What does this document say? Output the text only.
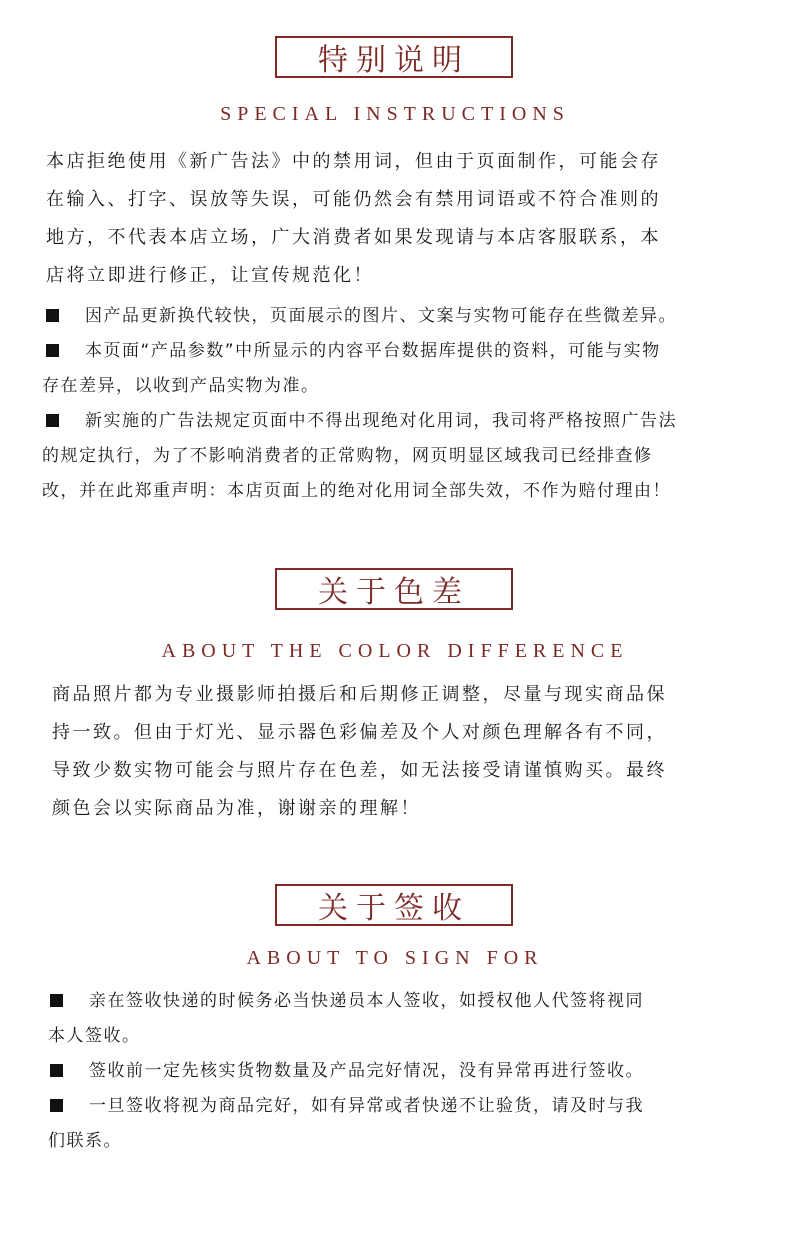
特别说明
SPECIAL INSTRUCTIONS
本店拒绝使用《新广告法》中的禁用词，但由于页面制作，可能会存
在输入、打字、误放等失误，可能仍然会有禁用词语或不符合准则的
地方，不代表本店立场，广大消费者如果发现请与本店客服联系，本
店将立即进行修正，让宣传规范化！
因产品更新换代较快，页面展示的图片、文案与实物可能存在些微差异。
本页面“产品参数”中所显示的内容平台数据库提供的资料，可能与实物
存在差异，以收到产品实物为准。
新实施的广告法规定页面中不得出现绝对化用词，我司将严格按照广告法
的规定执行，为了不影响消费者的正常购物，网页明显区域我司已经排查修
改，并在此郑重声明：本店页面上的绝对化用词全部失效，不作为赔付理由！
关于色差
ABOUT THE COLOR DIFFERENCE
商品照片都为专业摄影师拍摄后和后期修正调整，尽量与现实商品保
持一致。但由于灯光、显示器色彩偏差及个人对颜色理解各有不同，
导致少数实物可能会与照片存在色差，如无法接受请谨慎购买。最终
颜色会以实际商品为准，谢谢亲的理解！
关于签收
ABOUT TO SIGN FOR
亲在签收快递的时候务必当快递员本人签收，如授权他人代签将视同
本人签收。
签收前一定先核实货物数量及产品完好情况，没有异常再进行签收。
一旦签收将视为商品完好，如有异常或者快递不让验货，请及时与我
们联系。
